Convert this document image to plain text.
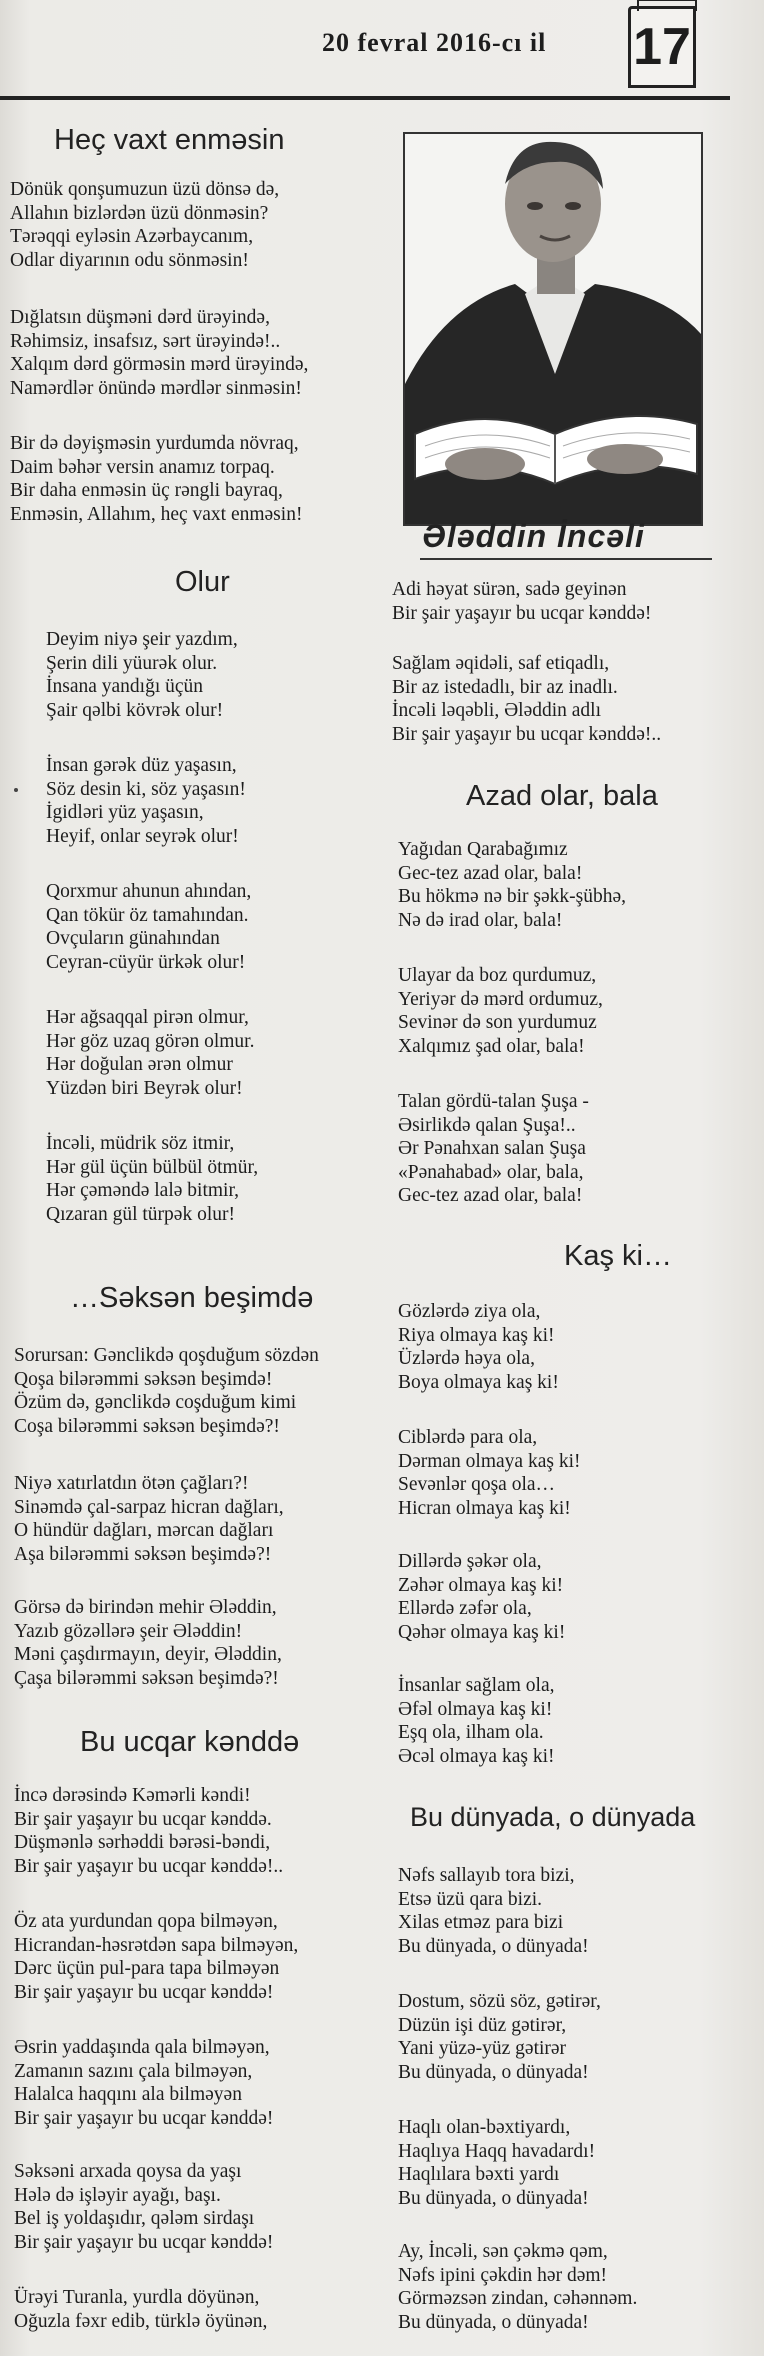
20 fevral 2016-cı il 17
Ələddin İncəli
Heç vaxt enməsin
Dönük qonşumuzun üzü dönsə də,
Allahın bizlərdən üzü dönməsin?
Tərəqqi eyləsin Azərbaycanım,
Odlar diyarının odu sönməsin!
Dığlatsın düşməni dərd ürəyində,
Rəhimsiz, insafsız, sərt ürəyində!..
Xalqım dərd görməsin mərd ürəyində,
Namərdlər önündə mərdlər sinməsin!
Bir də dəyişməsin yurdumda növraq,
Daim bəhər versin anamız torpaq.
Bir daha enməsin üç rəngli bayraq,
Enməsin, Allahım, heç vaxt enməsin!
Olur
Deyim niyə şeir yazdım,
Şerin dili yüurək olur.
İnsana yandığı üçün
Şair qəlbi kövrək olur!
İnsan gərək düz yaşasın,
Söz desin ki, söz yaşasın!
İgidləri yüz yaşasın,
Heyif, onlar seyrək olur!
Qorxmur ahunun ahından,
Qan tökür öz tamahından.
Ovçuların günahından
Ceyran-cüyür ürkək olur!
Hər ağsaqqal pirən olmur,
Hər göz uzaq görən olmur.
Hər doğulan ərən olmur
Yüzdən biri Beyrək olur!
İncəli, müdrik söz itmir,
Hər gül üçün bülbül ötmür,
Hər çəməndə lalə bitmir,
Qızaran gül türpək olur!
…Səksən beşimdə
Sorursan: Gənclikdə qoşduğum sözdən
Qoşa bilərəmmi səksən beşimdə!
Özüm də, gənclikdə coşduğum kimi
Coşa bilərəmmi səksən beşimdə?!
Niyə xatırlatdın ötən çağları?!
Sinəmdə çal-sarpaz hicran dağları,
O hündür dağları, mərcan dağları
Aşa bilərəmmi səksən beşimdə?!
Görsə də birindən mehir Ələddin,
Yazıb gözəllərə şeir Ələddin!
Məni çaşdırmayın, deyir, Ələddin,
Çaşa bilərəmmi səksən beşimdə?!
Bu ucqar kənddə
İncə dərəsində Kəmərli kəndi!
Bir şair yaşayır bu ucqar kənddə.
Düşmənlə sərhəddi bərəsi-bəndi,
Bir şair yaşayır bu ucqar kənddə!..
Öz ata yurdundan qopa bilməyən,
Hicrandan-həsrətdən sapa bilməyən,
Dərc üçün pul-para tapa bilməyən
Bir şair yaşayır bu ucqar kənddə!
Əsrin yaddaşında qala bilməyən,
Zamanın sazını çala bilməyən,
Halalca haqqını ala bilməyən
Bir şair yaşayır bu ucqar kənddə!
Səksəni arxada qoysa da yaşı
Hələ də işləyir ayağı, başı.
Bel iş yoldaşıdır, qələm sirdaşı
Bir şair yaşayır bu ucqar kənddə!
Ürəyi Turanla, yurdla döyünən,
Oğuzla fəxr edib, türklə öyünən,
Adi həyat sürən, sadə geyinən
Bir şair yaşayır bu ucqar kənddə!
Sağlam əqidəli, saf etiqadlı,
Bir az istedadlı, bir az inadlı.
İncəli ləqəbli, Ələddin adlı
Bir şair yaşayır bu ucqar kənddə!..
Azad olar, bala
Yağıdan Qarabağımız
Gec-tez azad olar, bala!
Bu hökmə nə bir şəkk-şübhə,
Nə də irad olar, bala!
Ulayar da boz qurdumuz,
Yeriyər də mərd ordumuz,
Sevinər də son yurdumuz
Xalqımız şad olar, bala!
Talan gördü-talan Şuşa -
Əsirlikdə qalan Şuşa!..
Ər Pənahxan salan Şuşa
«Pənahabad» olar, bala,
Gec-tez azad olar, bala!
Kaş ki…
Gözlərdə ziya ola,
Riya olmaya kaş ki!
Üzlərdə həya ola,
Boya olmaya kaş ki!
Ciblərdə para ola,
Dərman olmaya kaş ki!
Sevənlər qoşa ola…
Hicran olmaya kaş ki!
Dillərdə şəkər ola,
Zəhər olmaya kaş ki!
Ellərdə zəfər ola,
Qəhər olmaya kaş ki!
İnsanlar sağlam ola,
Əfəl olmaya kaş ki!
Eşq ola, ilham ola.
Əcəl olmaya kaş ki!
Bu dünyada, o dünyada
Nəfs sallayıb tora bizi,
Etsə üzü qara bizi.
Xilas etməz para bizi
Bu dünyada, o dünyada!
Dostum, sözü söz, gətirər,
Düzün işi düz gətirər,
Yani yüzə-yüz gətirər
Bu dünyada, o dünyada!
Haqlı olan-bəxtiyardı,
Haqlıya Haqq havadardı!
Haqlılara bəxti yardı
Bu dünyada, o dünyada!
Ay, İncəli, sən çəkmə qəm,
Nəfs ipini çəkdin hər dəm!
Görməzsən zindan, cəhənnəm.
Bu dünyada, o dünyada!
